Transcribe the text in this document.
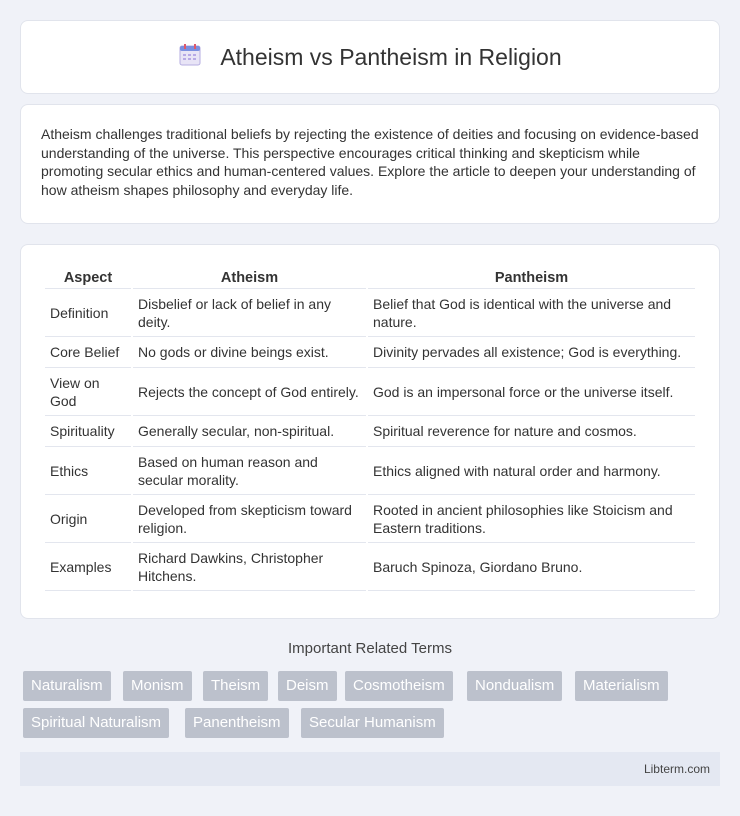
Atheism vs Pantheism in Religion

Atheism challenges traditional beliefs by rejecting the existence of deities and focusing on evidence-based understanding of the universe. This perspective encourages critical thinking and skepticism while promoting secular ethics and human-centered values. Explore the article to deepen your understanding of how atheism shapes philosophy and everyday life.

Aspect	Atheism	Pantheism
Definition	Disbelief or lack of belief in any deity.	Belief that God is identical with the universe and nature.
Core Belief	No gods or divine beings exist.	Divinity pervades all existence; God is everything.
View on God	Rejects the concept of God entirely.	God is an impersonal force or the universe itself.
Spirituality	Generally secular, non-spiritual.	Spiritual reverence for nature and cosmos.
Ethics	Based on human reason and secular morality.	Ethics aligned with natural order and harmony.
Origin	Developed from skepticism toward religion.	Rooted in ancient philosophies like Stoicism and Eastern traditions.
Examples	Richard Dawkins, Christopher Hitchens.	Baruch Spinoza, Giordano Bruno.
Important Related Terms
Naturalism	Monism	Theism	Deism	Cosmotheism	Nondualism	Materialism
Spiritual Naturalism	Panentheism	Secular Humanism
Libterm.com
